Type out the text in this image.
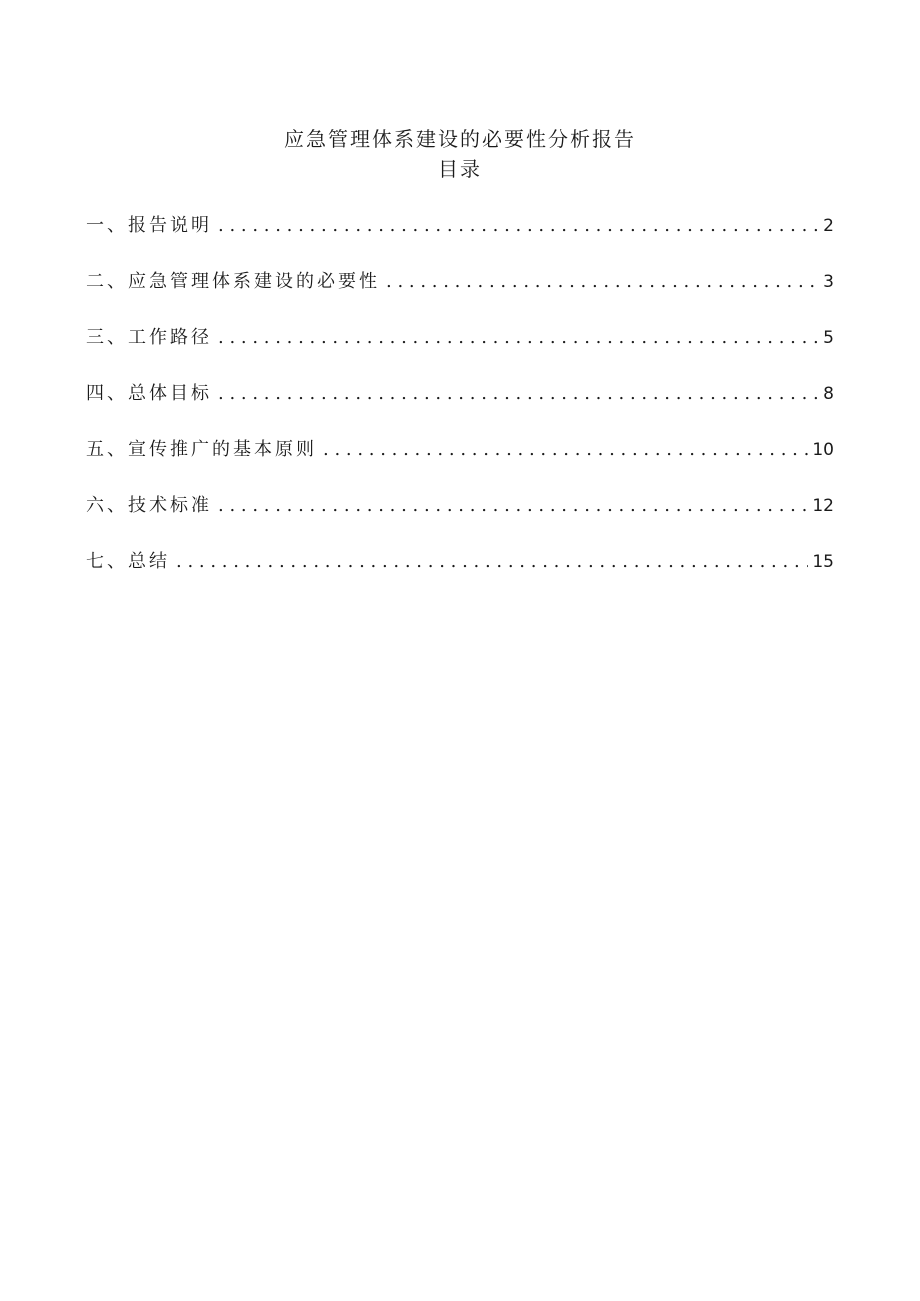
应急管理体系建设的必要性分析报告
目录
一、报告说明 . . .	2
二、应急管理体系建设的必要性 . . .	3
三、工作路径 . . .	5
四、总体目标 . . .	8
五、宣传推广的基本原则 . . .	10
六、技术标准 . . .	12
七、总结 . . .	15
